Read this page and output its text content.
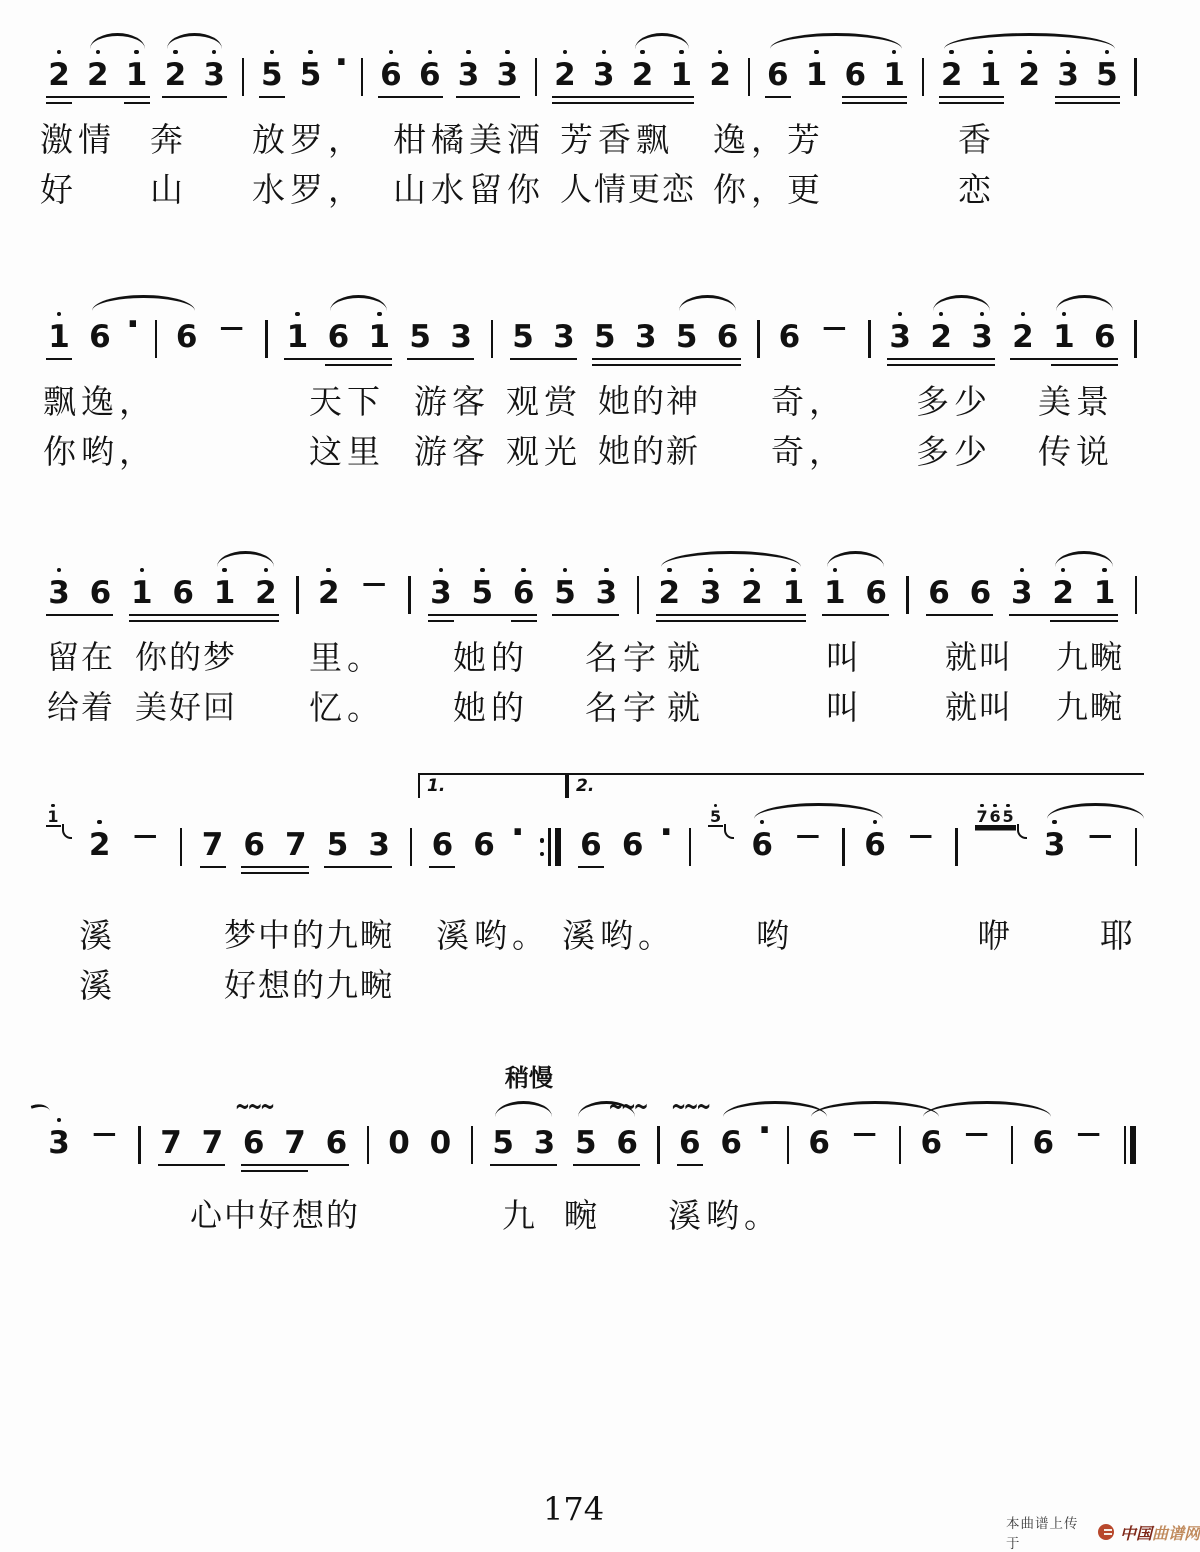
2 2 1 2 3 5 5 · 6 6 3 3 2 3 2 1 2 6 1 6 1 2 1 2 3 5
激情 奔 放罗， 柑橘美酒 芳香飘 逸，
芳	香
好 山 水罗， 山水留你 人情更恋 你，
更	恋
1 6 · 6 — 1 6 1 5 3 5 3 5 3 5 6 6 — 3 2 3 2 1 6
飘逸，	天下 游客 观赏 她的神 奇， 多少 美景
你哟，	这里 游客 观光 她的新 奇， 多少 传说
3 6 1 6 1 2 2 — 3 5 6 5 3 2 3 2 1 1 6 6 6 3 2 1
留在 你的梦 里。 她的 名字 就	叫	就叫 九畹
给着 美好回 忆。 她的 名字 就	叫	就叫 九畹
1
2 — 7 6 7 5 3 6 6 · 6 6 · 5
6 — 6 —
7 6 5
3 —
1.	2.
溪	梦中的九畹 溪哟。 溪哟。 哟	咿	耶
溪	好想的九畹
3 — 7 7 6
~~~
7 6 0 0 5 3 5 6
~~~
6
~~~
6 · 6 — 6 — 6 —
心中好想的	九 畹 溪哟。
稍慢
174	本曲谱上传于
中国曲谱网
